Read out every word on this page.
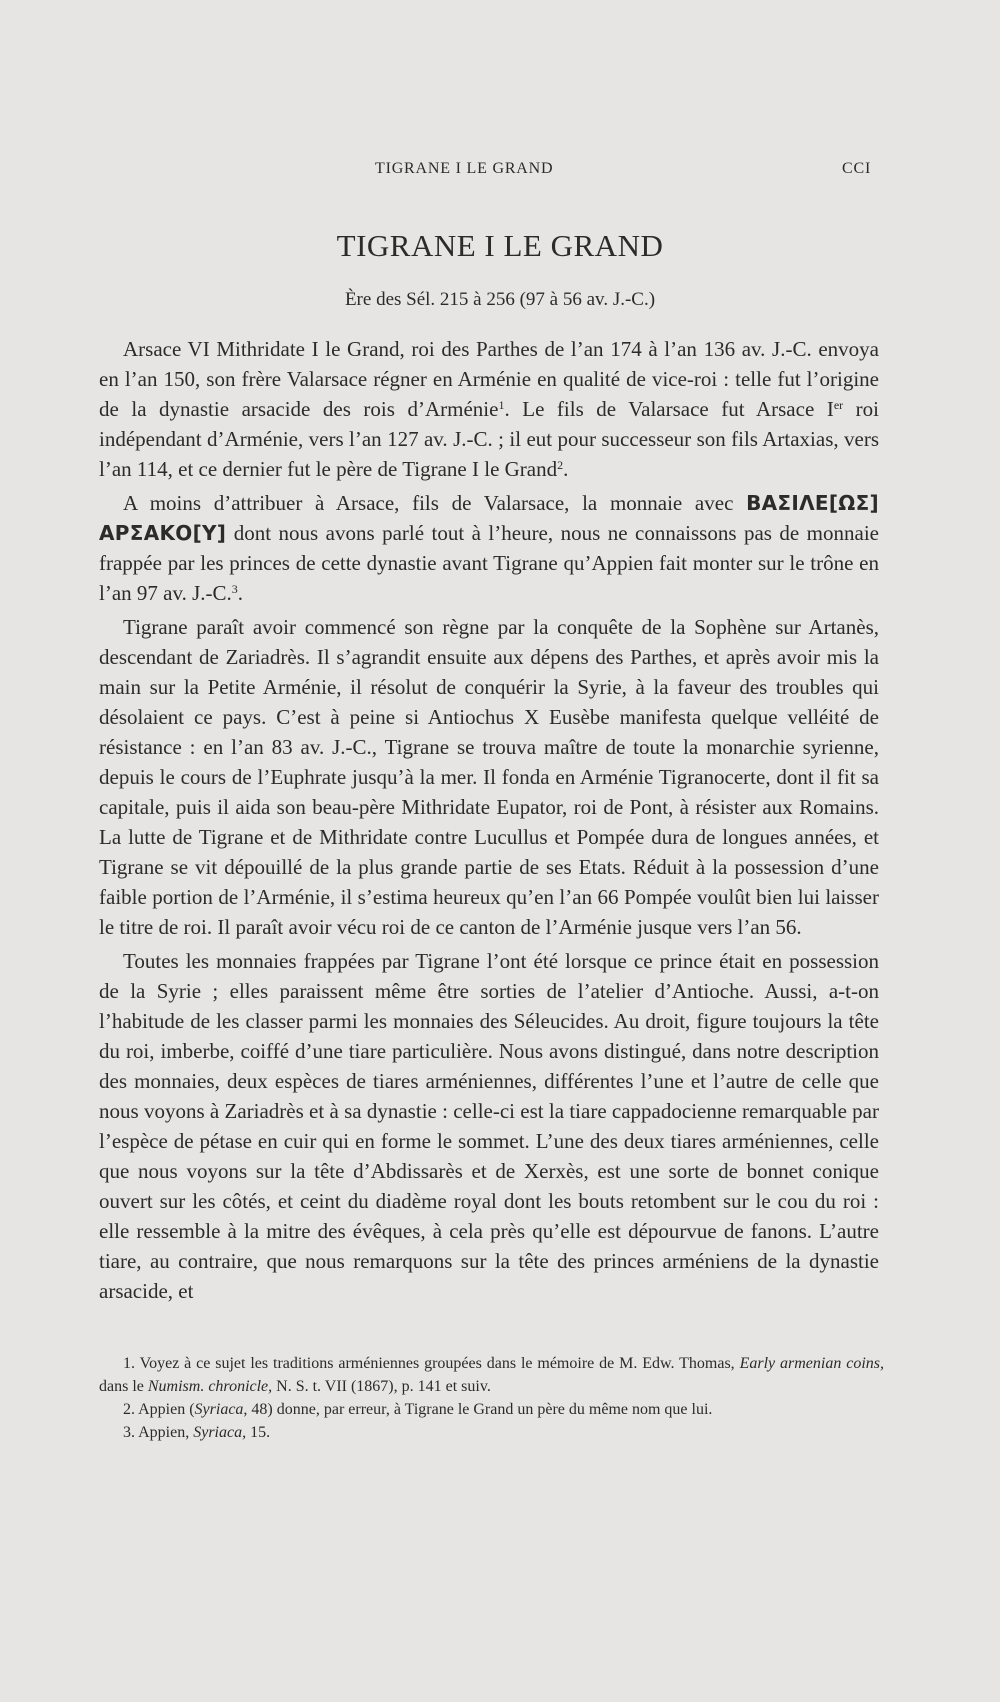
TIGRANE I LE GRAND	CCI
TIGRANE I LE GRAND
Ère des Sél. 215 à 256 (97 à 56 av. J.-C.)

Arsace VI Mithridate I le Grand, roi des Parthes de l’an 174 à l’an 136 av. J.-C. envoya en l’an 150, son frère Valarsace régner en Arménie en qualité de vice-roi : telle fut l’origine de la dynastie arsacide des rois d’Arménie$^1$. Le fils de Valarsace fut Arsace Ier roi indépendant d’Arménie, vers l’an 127 av. J.-C. ; il eut pour successeur son fils Artaxias, vers l’an 114, et ce dernier fut le père de Tigrane I le Grand$^2$.

A moins d’attribuer à Arsace, fils de Valarsace, la monnaie avec ΒΑΣΙΛΕ[ΩΣ] ΑΡΣΑΚΟ[Υ] dont nous avons parlé tout à l’heure, nous ne connaissons pas de monnaie frappée par les princes de cette dynastie avant Tigrane qu’Appien fait monter sur le trône en l’an 97 av. J.-C.$^3$.

Tigrane paraît avoir commencé son règne par la conquête de la Sophène sur Artanès, descendant de Zariadrès. Il s’agrandit ensuite aux dépens des Parthes, et après avoir mis la main sur la Petite Arménie, il résolut de conquérir la Syrie, à la faveur des troubles qui désolaient ce pays. C’est à peine si Antiochus X Eusèbe manifesta quelque velléité de résistance : en l’an 83 av. J.-C., Tigrane se trouva maître de toute la monarchie syrienne, depuis le cours de l’Euphrate jusqu’à la mer. Il fonda en Arménie Tigranocerte, dont il fit sa capitale, puis il aida son beau-père Mithridate Eupator, roi de Pont, à résister aux Romains. La lutte de Tigrane et de Mithridate contre Lucullus et Pompée dura de longues années, et Tigrane se vit dépouillé de la plus grande partie de ses Etats. Réduit à la possession d’une faible portion de l’Arménie, il s’estima heureux qu’en l’an 66 Pompée voulût bien lui laisser le titre de roi. Il paraît avoir vécu roi de ce canton de l’Arménie jusque vers l’an 56.

Toutes les monnaies frappées par Tigrane l’ont été lorsque ce prince était en possession de la Syrie ; elles paraissent même être sorties de l’atelier d’Antioche. Aussi, a-t-on l’habitude de les classer parmi les monnaies des Séleucides. Au droit, figure toujours la tête du roi, imberbe, coiffé d’une tiare particulière. Nous avons distingué, dans notre description des monnaies, deux espèces de tiares arméniennes, différentes l’une et l’autre de celle que nous voyons à Zariadrès et à sa dynastie : celle-ci est la tiare cappadocienne remarquable par l’espèce de pétase en cuir qui en forme le sommet. L’une des deux tiares arméniennes, celle que nous voyons sur la tête d’Abdissarès et de Xerxès, est une sorte de bonnet conique ouvert sur les côtés, et ceint du diadème royal dont les bouts retombent sur le cou du roi : elle ressemble à la mitre des évêques, à cela près qu’elle est dépourvue de fanons. L’autre tiare, au contraire, que nous remarquons sur la tête des princes arméniens de la dynastie arsacide, et

1. Voyez à ce sujet les traditions arméniennes groupées dans le mémoire de M. Edw. Thomas, Early armenian coins, dans le Numism. chronicle, N. S. t. VII (1867), p. 141 et suiv.

2. Appien (Syriaca, 48) donne, par erreur, à Tigrane le Grand un père du même nom que lui.

3. Appien, Syriaca, 15.
